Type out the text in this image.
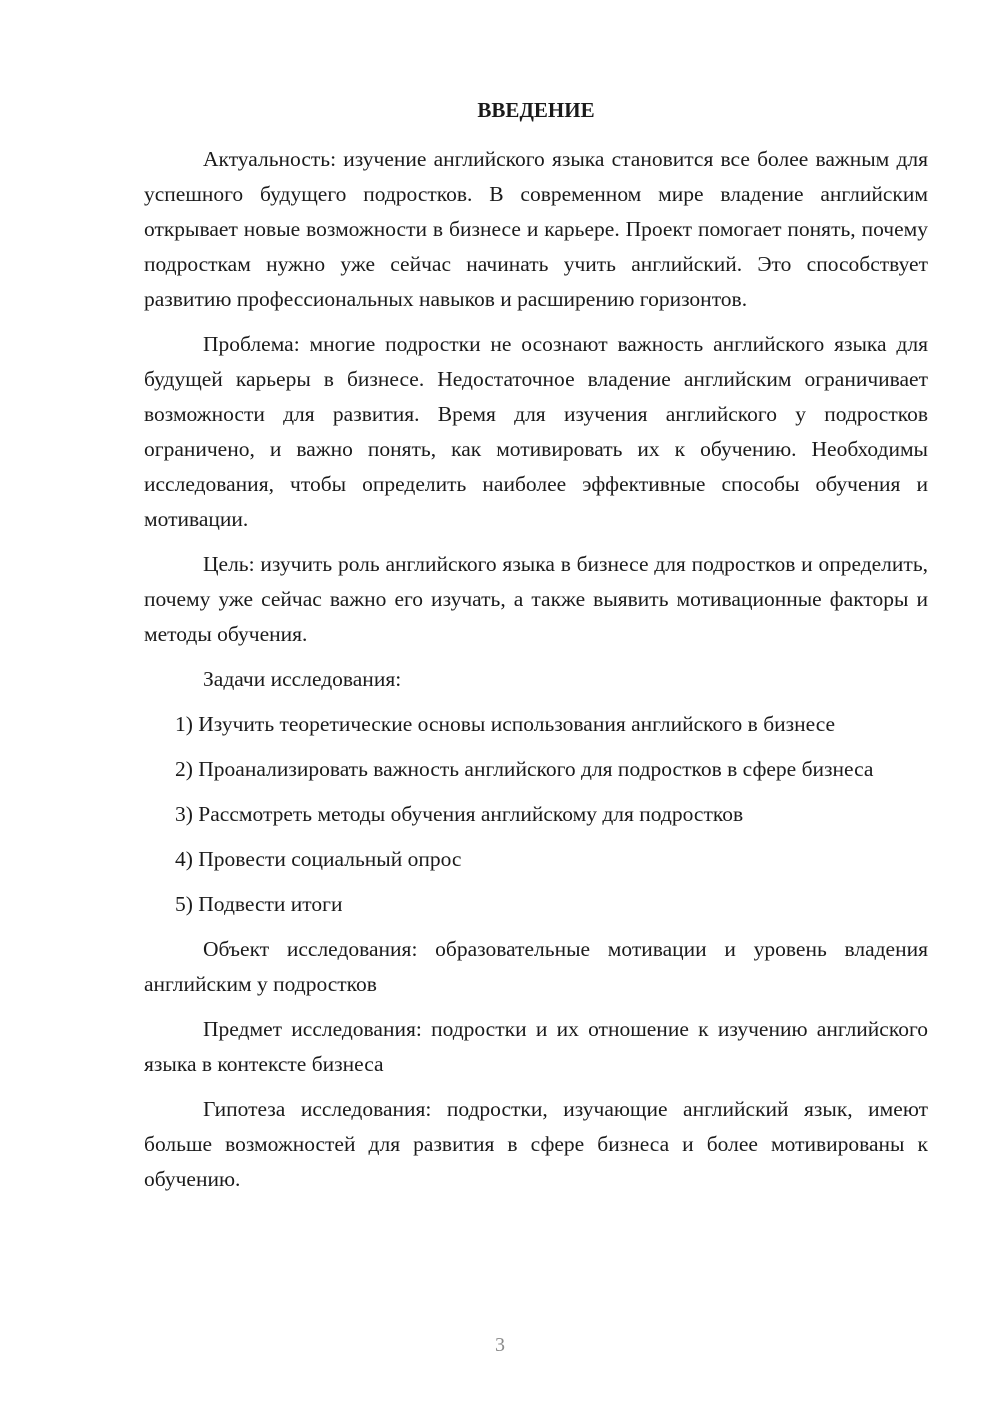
ВВЕДЕНИЕ

Актуальность: изучение английского языка становится все более важным для успешного будущего подростков. В современном мире владение английским открывает новые возможности в бизнесе и карьере. Проект помогает понять, почему подросткам нужно уже сейчас начинать учить английский. Это способствует развитию профессиональных навыков и расширению горизонтов.

Проблема: многие подростки не осознают важность английского языка для будущей карьеры в бизнесе. Недостаточное владение английским ограничивает возможности для развития. Время для изучения английского у подростков ограничено, и важно понять, как мотивировать их к обучению. Необходимы исследования, чтобы определить наиболее эффективные способы обучения и мотивации.

Цель: изучить роль английского языка в бизнесе для подростков и определить, почему уже сейчас важно его изучать, а также выявить мотивационные факторы и методы обучения.

Задачи исследования:

1) Изучить теоретические основы использования английского в бизнесе

2) Проанализировать важность английского для подростков в сфере бизнеса

3) Рассмотреть методы обучения английскому для подростков

4) Провести социальный опрос

5) Подвести итоги

Объект исследования: образовательные мотивации и уровень владения английским у подростков

Предмет исследования: подростки и их отношение к изучению английского языка в контексте бизнеса

Гипотеза исследования: подростки, изучающие английский язык, имеют больше возможностей для развития в сфере бизнеса и более мотивированы к обучению.

3
